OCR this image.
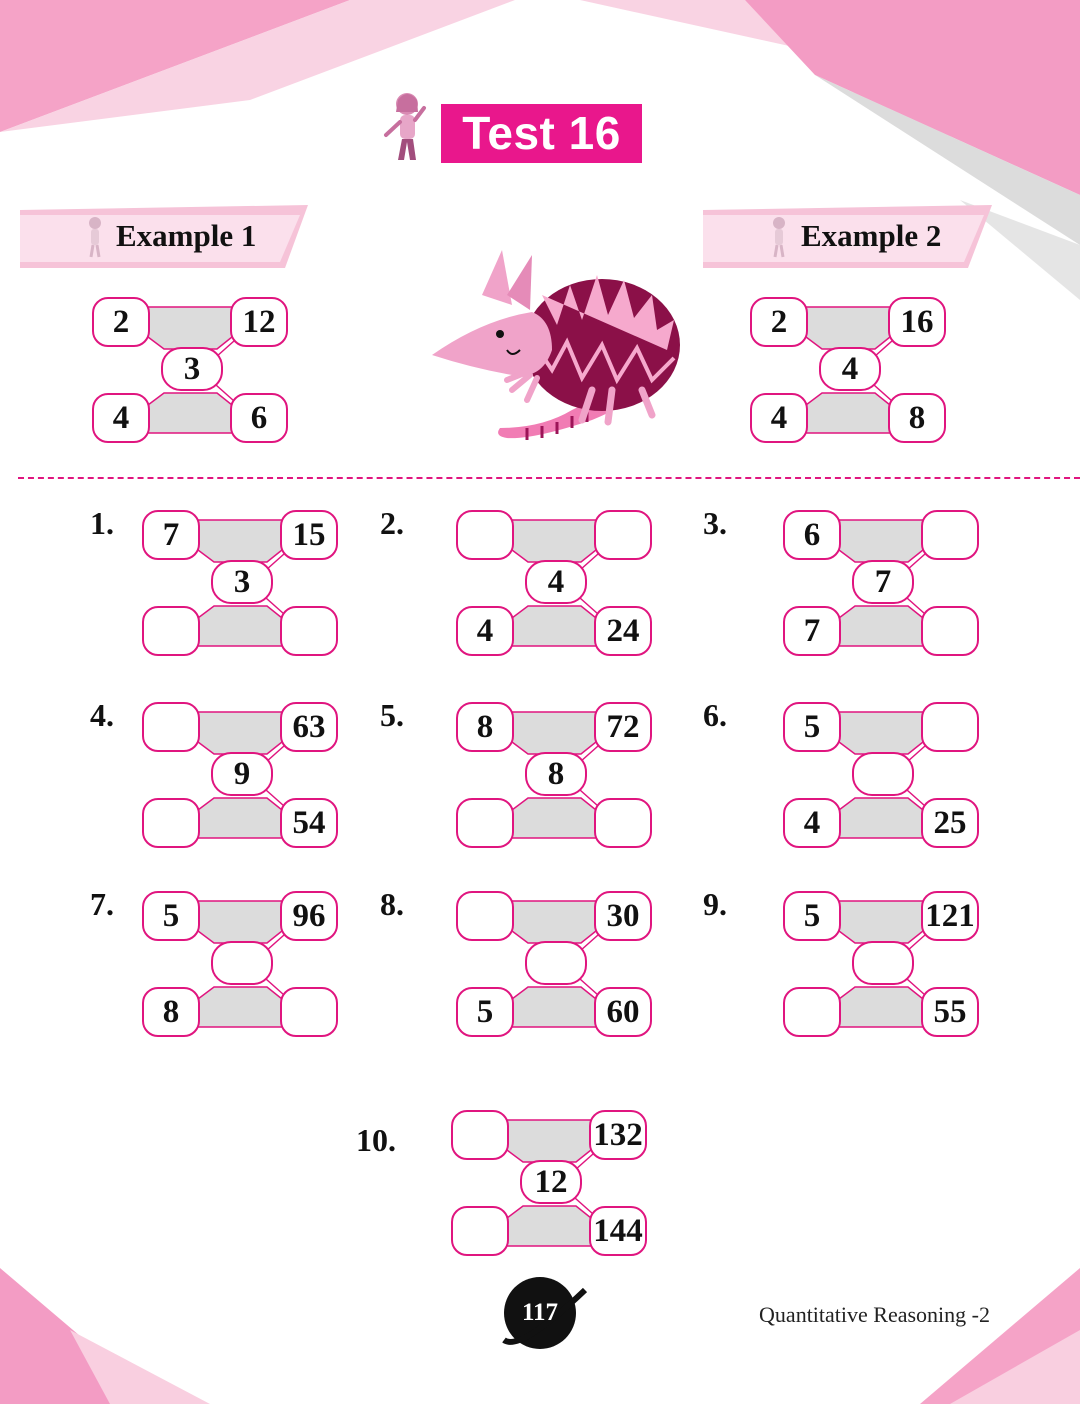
Test 16
Example 1	Example 2
2	12
3
4	6
2	16
4
4	8
1.	7	15
3
2.
4
4	24
3.	6
7
7
4.	63
9
54
5.	8	72
8
6.	5
4	25
7.	5	96
8
8.	30
5	60
9.	5	121
55
10.	132
12
144
117	Quantitative Reasoning -2
